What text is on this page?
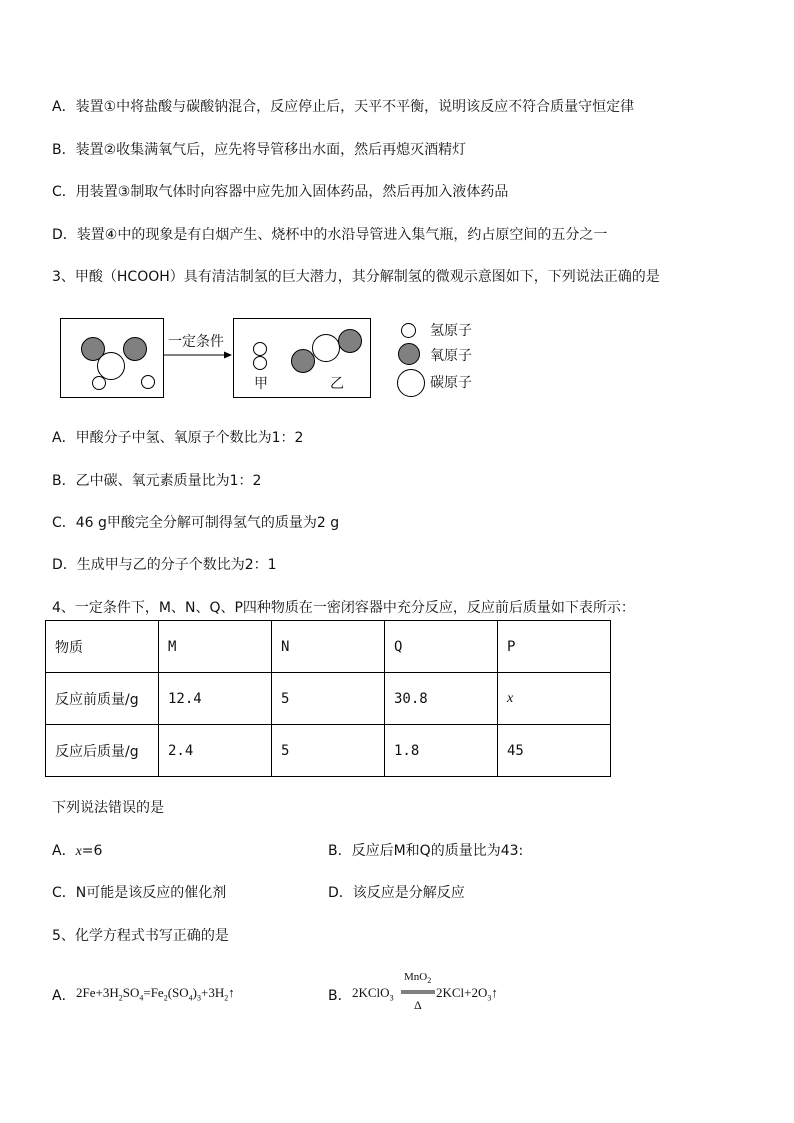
A．装置①中将盐酸与碳酸钠混合，反应停止后，天平不平衡，说明该反应不符合质量守恒定律
B．装置②收集满氧气后，应先将导管移出水面，然后再熄灭酒精灯
C．用装置③制取气体时向容器中应先加入固体药品，然后再加入液体药品
D．装置④中的现象是有白烟产生、烧杯中的水沿导管进入集气瓶，约占原空间的五分之一
3、甲酸（HCOOH）具有清洁制氢的巨大潜力，其分解制氢的微观示意图如下，下列说法正确的是
一定条件
甲	乙
氢原子
氧原子
碳原子
A．甲酸分子中氢、氧原子个数比为1：2
B．乙中碳、氧元素质量比为1：2
C．46 g甲酸完全分解可制得氢气的质量为2 g
D．生成甲与乙的分子个数比为2：1
4、一定条件下，M、N、Q、P四种物质在一密闭容器中充分反应，反应前后质量如下表所示：
物质	M	N	Q	P
反应前质量/g	12.4	5	30.8	x
反应后质量/g	2.4	5	1.8	45
下列说法错误的是
A．x=6	B．反应后M和Q的质量比为43:
C．N可能是该反应的催化剂	D．该反应是分解反应
5、化学方程式书写正确的是
A． $2Fe+3H_2SO_4=Fe_2(SO_4)_3+3H_2↑$	B． 2KClO$_3$
MnO$_2$
Δ
$2KCl+2O_3↑$
